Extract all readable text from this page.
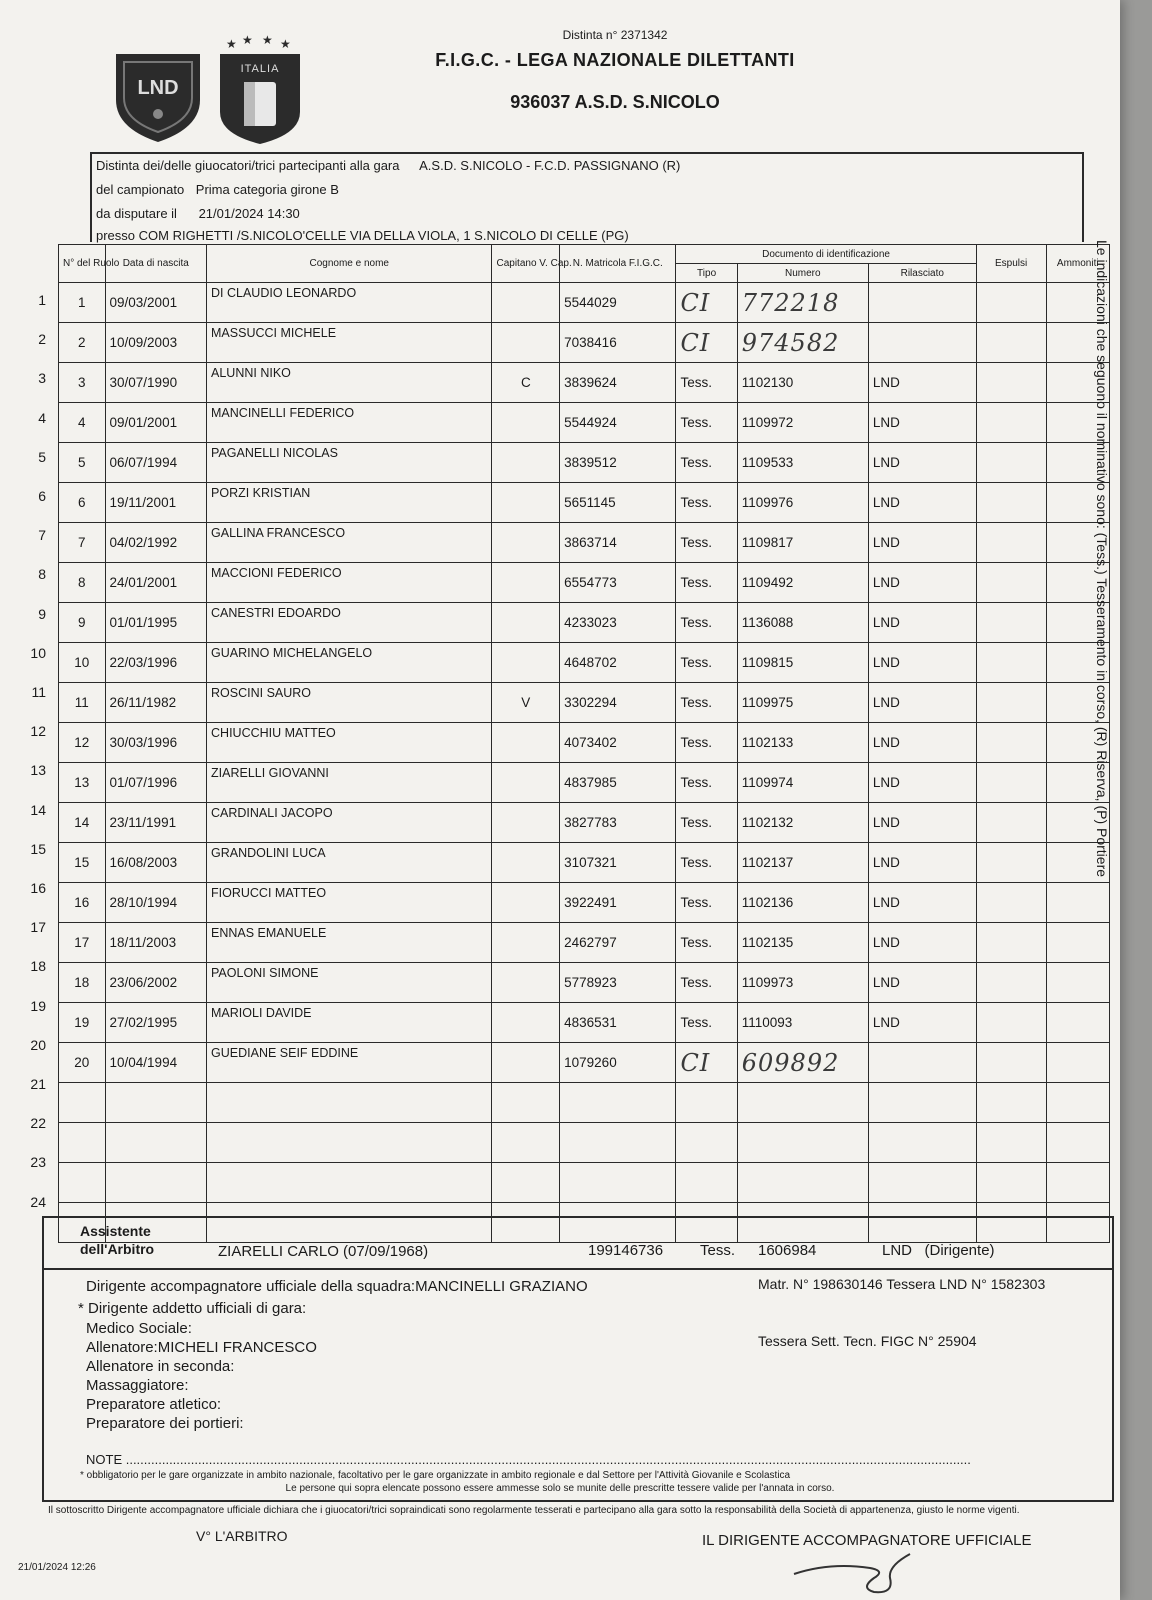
LND
★ ★ ★ ★
ITALIA
Distinta n° 2371342
F.I.G.C. - LEGA NAZIONALE DILETTANTI
936037 A.S.D. S.NICOLO
Distinta dei/delle giuocatori/trici partecipanti alla gara A.S.D. S.NICOLO - F.C.D. PASSIGNANO (R)
del campionato Prima categoria girone B
da disputare il 21/01/2024 14:30
presso COM RIGHETTI /S.NICOLO'CELLE VIA DELLA VIOLA, 1 S.NICOLO DI CELLE (PG)
N° del Ruolo	Data di nascita	Cognome e nome	Capitano V. Cap.	N. Matricola F.I.G.C.	Documento di identificazione			Espulsi	Ammoniti
					Tipo	Numero	Rilasciato		
1	09/03/2001	DI CLAUDIO LEONARDO		5544029	CI	772218			
2	10/09/2003	MASSUCCI MICHELE		7038416	CI	974582			
3	30/07/1990	ALUNNI NIKO	C	3839624	Tess.	1102130	LND		
4	09/01/2001	MANCINELLI FEDERICO		5544924	Tess.	1109972	LND		
5	06/07/1994	PAGANELLI NICOLAS		3839512	Tess.	1109533	LND		
6	19/11/2001	PORZI KRISTIAN		5651145	Tess.	1109976	LND		
7	04/02/1992	GALLINA FRANCESCO		3863714	Tess.	1109817	LND		
8	24/01/2001	MACCIONI FEDERICO		6554773	Tess.	1109492	LND		
9	01/01/1995	CANESTRI EDOARDO		4233023	Tess.	1136088	LND		
10	22/03/1996	GUARINO MICHELANGELO		4648702	Tess.	1109815	LND		
11	26/11/1982	ROSCINI SAURO	V	3302294	Tess.	1109975	LND		
12	30/03/1996	CHIUCCHIU MATTEO		4073402	Tess.	1102133	LND		
13	01/07/1996	ZIARELLI GIOVANNI		4837985	Tess.	1109974	LND		
14	23/11/1991	CARDINALI JACOPO		3827783	Tess.	1102132	LND		
15	16/08/2003	GRANDOLINI LUCA		3107321	Tess.	1102137	LND		
16	28/10/1994	FIORUCCI MATTEO		3922491	Tess.	1102136	LND		
17	18/11/2003	ENNAS EMANUELE		2462797	Tess.	1102135	LND		
18	23/06/2002	PAOLONI SIMONE		5778923	Tess.	1109973	LND		
19	27/02/1995	MARIOLI DAVIDE		4836531	Tess.	1110093	LND		
20	10/04/1994	GUEDIANE SEIF EDDINE		1079260	CI	609892			

1
2
3
4
5
6
7
8
9
10
11
12
13
14
15
16
17
18
19
20
21
22
23
24
Assistente dell'Arbitro	ZIARELLI CARLO (07/09/1968)	199146736 Tess. 1606984	LND   (Dirigente)
Dirigente accompagnatore ufficiale della squadra:MANCINELLI GRAZIANO	Matr. N° 198630146 Tessera LND N° 1582303
* Dirigente addetto ufficiali di gara:
Medico Sociale:
Allenatore:MICHELI FRANCESCO	Tessera Sett. Tecn. FIGC N° 25904
Allenatore in seconda:
Massaggiatore:
Preparatore atletico:
Preparatore dei portieri:
NOTE ..........................................................................................................................................................................................................................................
* obbligatorio per le gare organizzate in ambito nazionale, facoltativo per le gare organizzate in ambito regionale e dal Settore per l'Attività Giovanile e Scolastica
Le persone qui sopra elencate possono essere ammesse solo se munite delle prescritte tessere valide per l'annata in corso.
Il sottoscritto Dirigente accompagnatore ufficiale dichiara che i giuocatori/trici sopraindicati sono regolarmente tesserati e partecipano alla gara sotto la responsabilità della Società di appartenenza, giusto le norme vigenti.
V° L'ARBITRO	IL DIRIGENTE ACCOMPAGNATORE UFFICIALE
21/01/2024 12:26
Le indicazioni che seguono il nominativo sono: (Tess.) Tesseramento in corso, (R) Riserva, (P) Portiere
